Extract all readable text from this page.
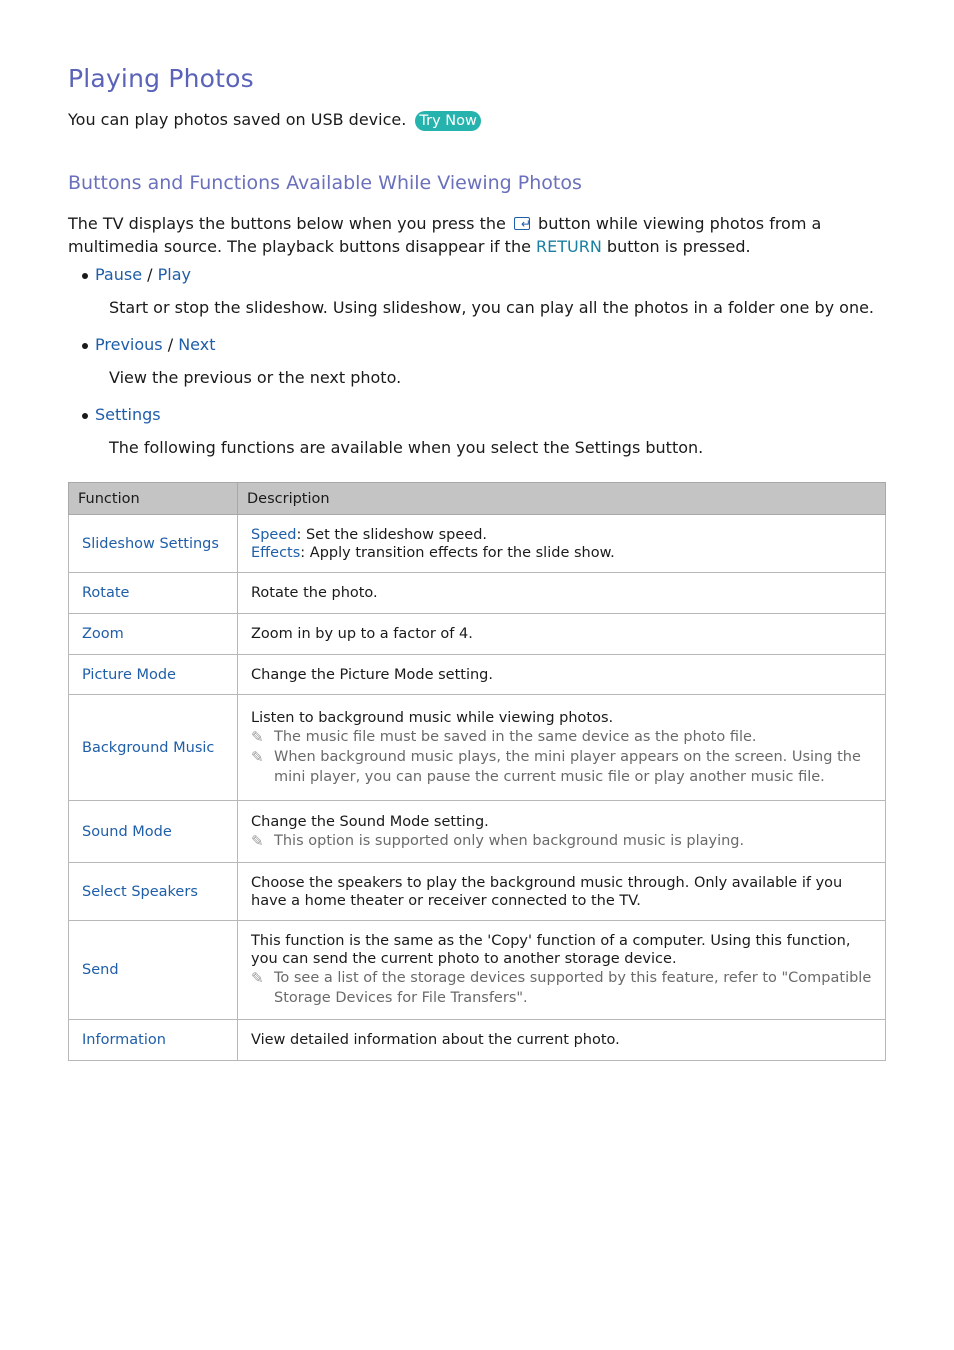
Playing Photos
You can play photos saved on USB device. Try Now
Buttons and Functions Available While Viewing Photos
The TV displays the buttons below when you press the ↵ button while viewing photos from a multimedia source. The playback buttons disappear if the RETURN button is pressed.
Pause / Play
Start or stop the slideshow. Using slideshow, you can play all the photos in a folder one by one.
Previous / Next
View the previous or the next photo.
Settings
The following functions are available when you select the Settings button.
Function	Description
Slideshow Settings	Speed: Set the slideshow speed.
Effects: Apply transition effects for the slide show.

Rotate	Rotate the photo.
Zoom	Zoom in by up to a factor of 4.
Picture Mode	Change the Picture Mode setting.
Background Music	Listen to background music while viewing photos.
✎ The music file must be saved in the same device as the photo file.
✎ When background music plays, the mini player appears on the screen. Using the mini player, you can pause the current music file or play another music file.

Sound Mode	Change the Sound Mode setting.
✎ This option is supported only when background music is playing.

Select Speakers	Choose the speakers to play the background music through. Only available if you have a home theater or receiver connected to the TV.
Send	This function is the same as the 'Copy' function of a computer. Using this function, you can send the current photo to another storage device.
✎ To see a list of the storage devices supported by this feature, refer to "Compatible Storage Devices for File Transfers".

Information	View detailed information about the current photo.
